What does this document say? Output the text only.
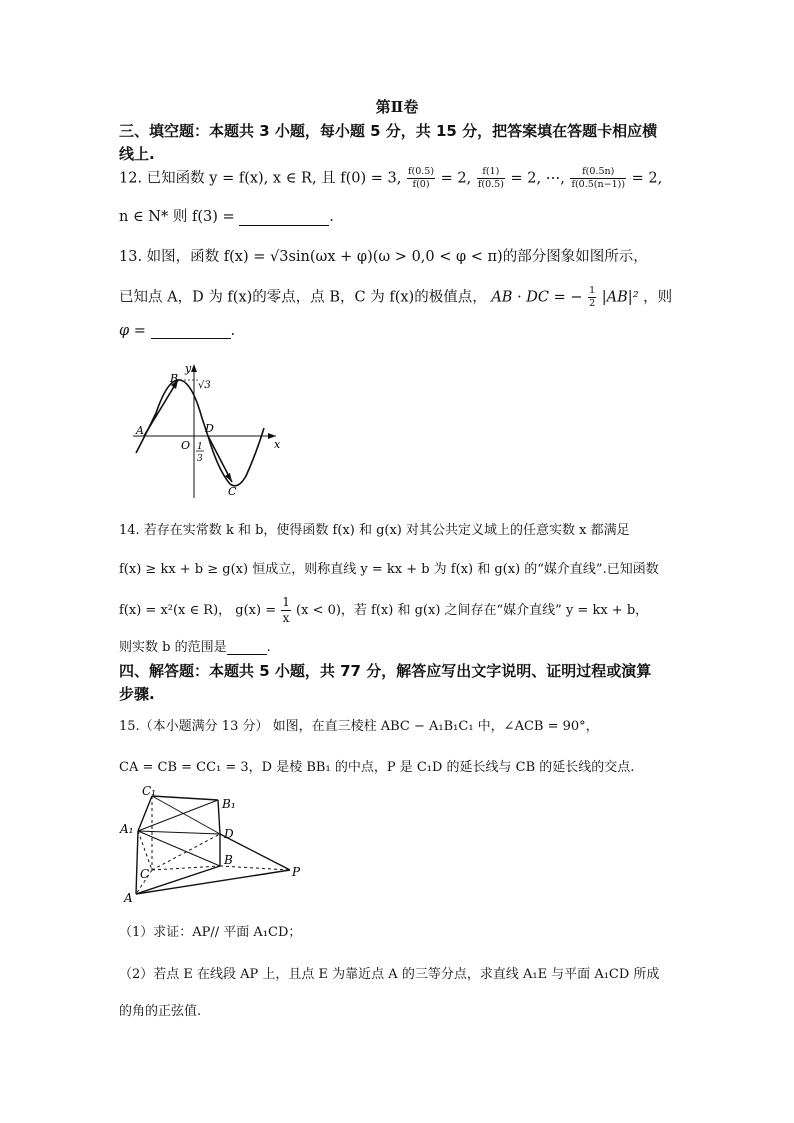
第Ⅱ卷
三、填空题：本题共 3 小题，每小题 5 分，共 15 分，把答案填在答题卡相应横
线上.
12. 已知函数 y = f(x), x ∈ R, 且 f(0) = 3, $\frac{f(0.5)}{f(0)} = 2$, $\frac{f(1)}{f(0.5)} = 2$, ⋯, $\frac{f(0.5n)}{f(0.5(n-1))} = 2$,
n ∈ N* 则 f(3) =	.
13. 如图，函数 f(x) = √3sin(ωx + φ)(ω > 0,0 < φ < π)的部分图象如图所示，
已知点 A，D 为 f(x)的零点，点 B，C 为 f(x)的极值点， AB · DC = − $\frac{1}{2} |AB|^2$ ，则
φ =	.
y
x
B
A
O
D
C
√3
1
3
14. 若存在实常数 k 和 b，使得函数 f(x) 和 g(x) 对其公共定义域上的任意实数 x 都满足
f(x) ≥ kx + b ≥ g(x) 恒成立，则称直线 y = kx + b 为 f(x) 和 g(x) 的“媒介直线”.已知函数
f(x) = x²(x ∈ R)， $g(x) = \frac{1}{x} (x < 0)$，若 f(x) 和 g(x) 之间存在“媒介直线” y = kx + b，
则实数 b 的范围是	.
四、解答题：本题共 5 小题，共 77 分，解答应写出文字说明、证明过程或演算
步骤.
15.（本小题满分 13 分） 如图，在直三棱柱 ABC − A₁B₁C₁ 中，∠ACB = 90°，
CA = CB = CC₁ = 3，D 是棱 BB₁ 的中点，P 是 C₁D 的延长线与 CB 的延长线的交点.
C₁
B₁
A₁	D
B
C	P
A
（1）求证：AP// 平面 A₁CD；
（2）若点 E 在线段 AP 上，且点 E 为靠近点 A 的三等分点，求直线 A₁E 与平面 A₁CD 所成
的角的正弦值.
